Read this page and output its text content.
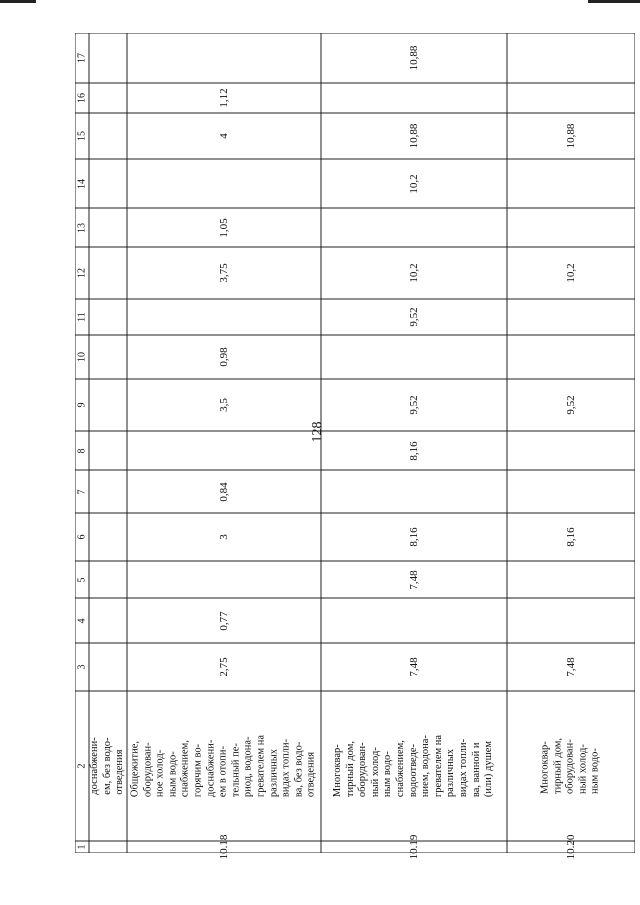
128
1
2
3
4
5
6
7
8
9
10
11
12
13
14
15
16
17
доснабжени- ем, без водо- отведения
10.18
Общежитие, оборудован- ное холод- ным водо- снабжением, горячим во- доснабжени- ем в отопи- тельный пе- риод, водона- гревателем на различных видах топли- ва, без водо- отведения
2,75
0,77
3
0,84
3,5
0,98
3,75
1,05
4
1,12
10.19
Многоквар- тирный дом, оборудован- ный холод- ным водо- снабжением, водоотведе- нием, водона- гревателем на различных видах топли- ва, ванной и (или) душем
7,48
7,48
8,16
8,16
9,52
9,52
10,2
10,2
10,88
10,88
10.20
Многоквар- тирный дом, оборудован- ный холод- ным водо-
7,48
8,16
9,52
10,2
10,88
